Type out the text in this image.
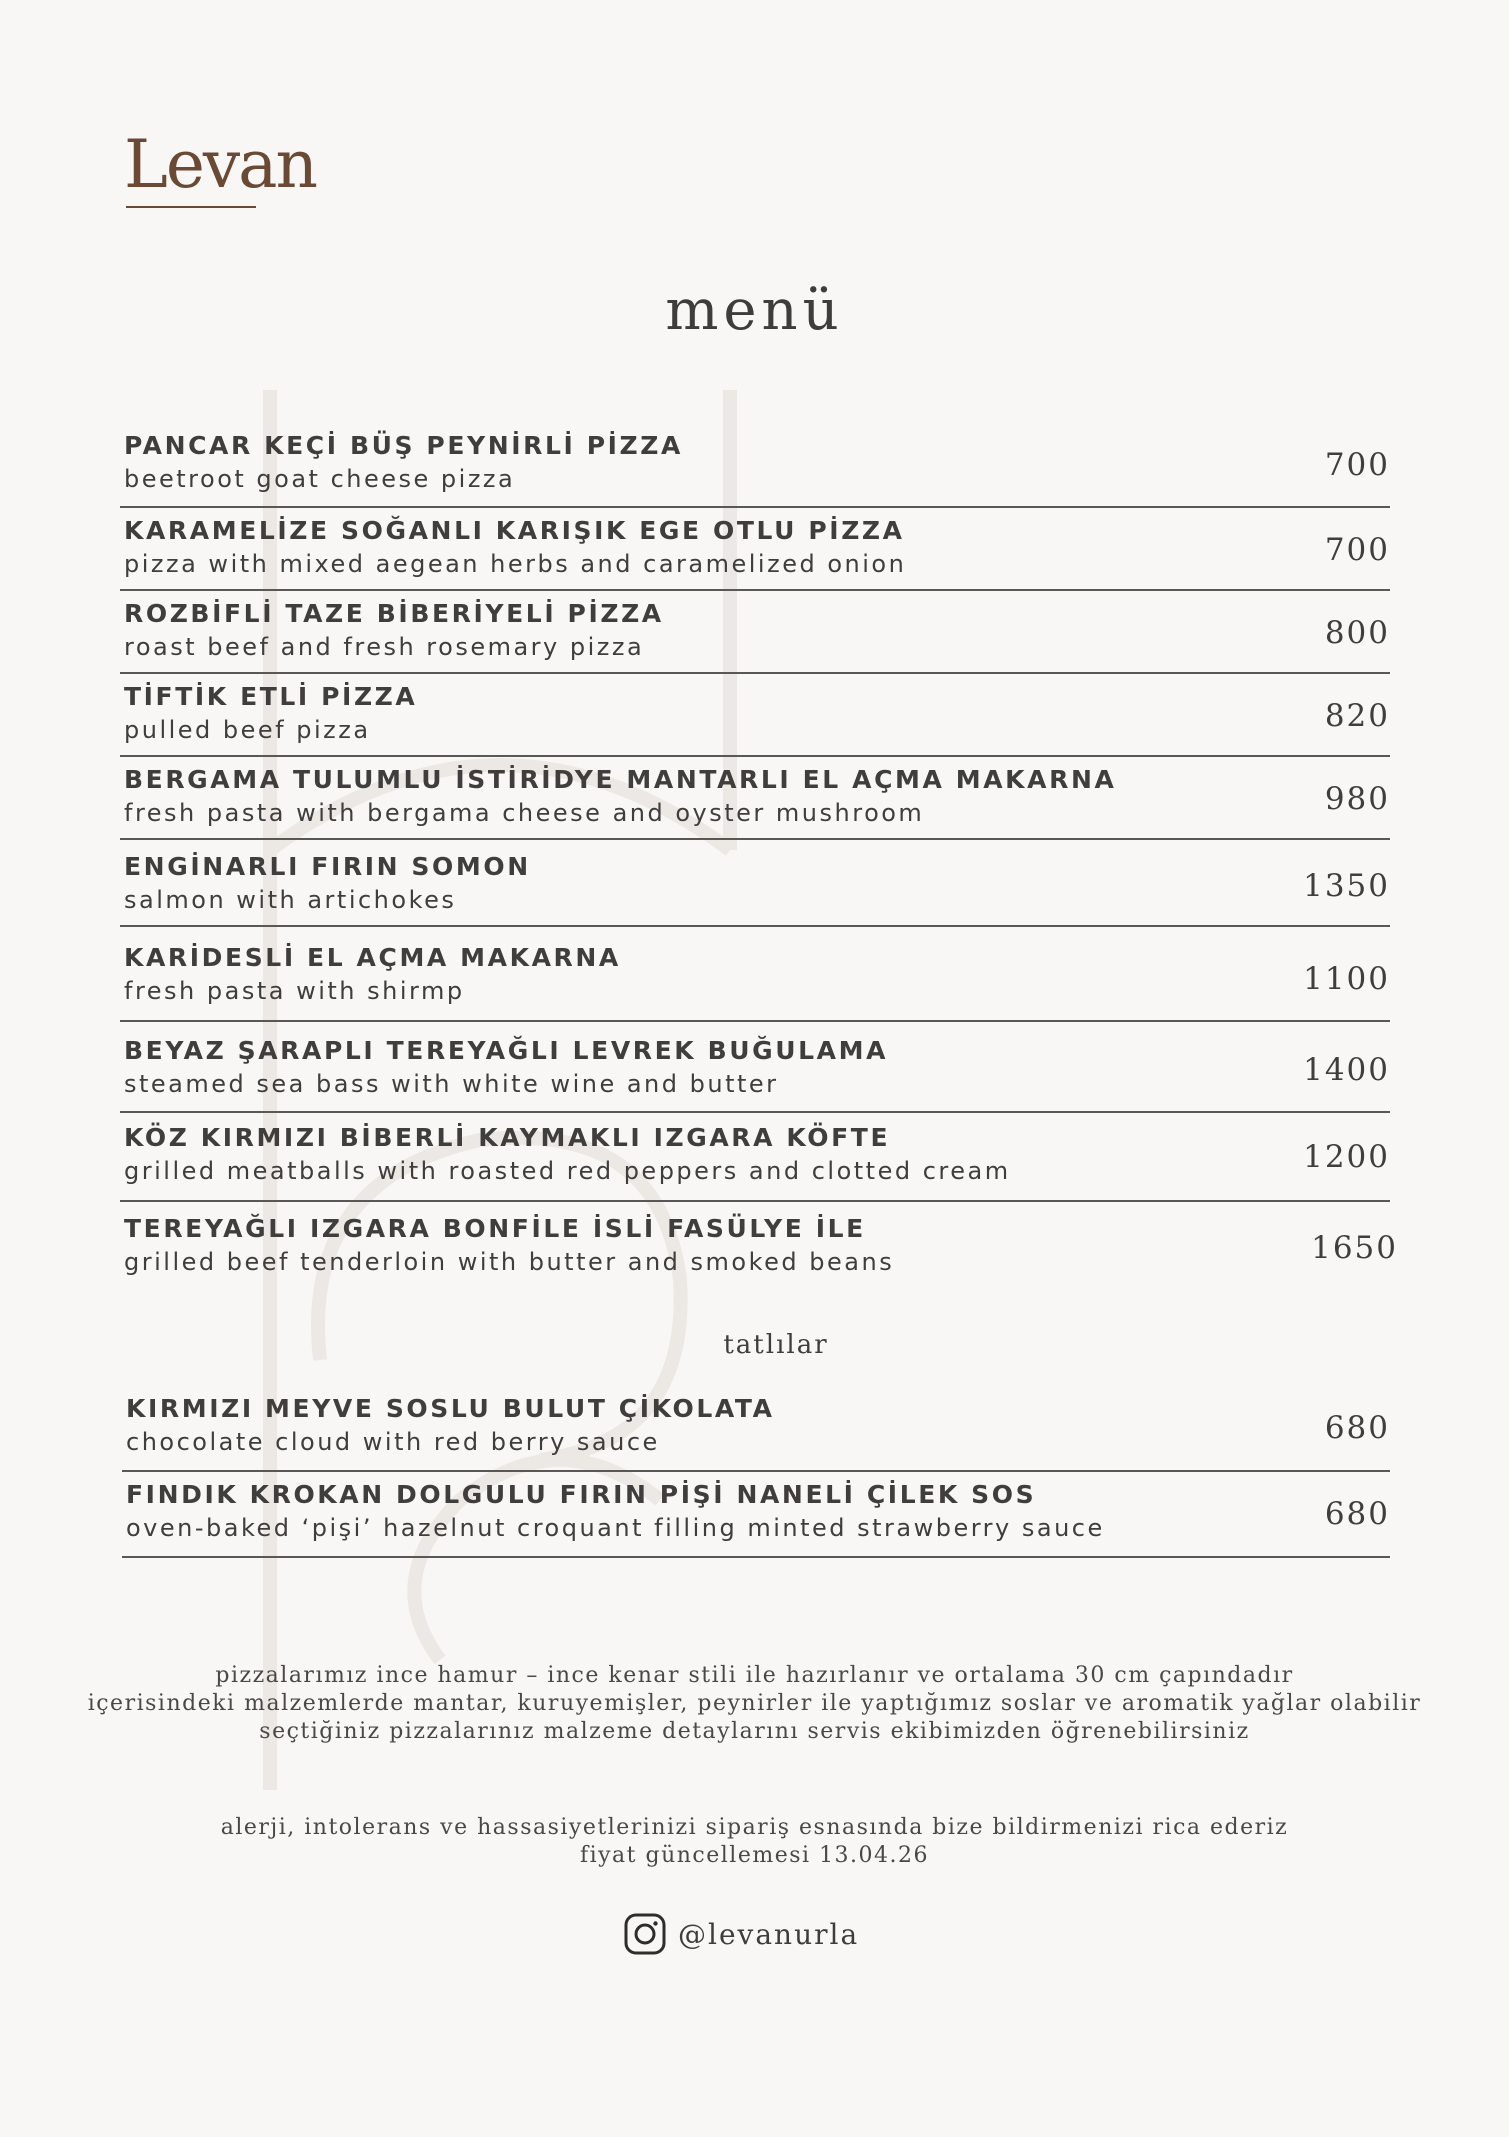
Levan
menü
PANCAR KEÇİ BÜŞ PEYNİRLİ PİZZA
beetroot goat cheese pizza	700
KARAMELİZE SOĞANLI KARIŞIK EGE OTLU PİZZA
pizza with mixed aegean herbs and caramelized onion	700
ROZBİFLİ TAZE BİBERİYELİ PİZZA
roast beef and fresh rosemary pizza	800
TİFTİK ETLİ PİZZA
pulled beef pizza	820
BERGAMA TULUMLU İSTİRİDYE MANTARLI EL AÇMA MAKARNA
fresh pasta with bergama cheese and oyster mushroom	980
ENGİNARLI FIRIN SOMON
salmon with artichokes	1350
KARİDESLİ EL AÇMA MAKARNA
fresh pasta with shirmp	1100
BEYAZ ŞARAPLI TEREYAĞLI LEVREK BUĞULAMA
steamed sea bass with white wine and butter	1400
KÖZ KIRMIZI BİBERLİ KAYMAKLI IZGARA KÖFTE
grilled meatballs with roasted red peppers and clotted cream	1200
TEREYAĞLI IZGARA BONFİLE İSLİ FASÜLYE İLE
grilled beef tenderloin with butter and smoked beans	1650
tatlılar
KIRMIZI MEYVE SOSLU BULUT ÇİKOLATA
chocolate cloud with red berry sauce	680
FINDIK KROKAN DOLGULU FIRIN PİŞİ NANELİ ÇİLEK SOS
oven-baked ‘pişi’ hazelnut croquant filling minted strawberry sauce	680
pizzalarımız ince hamur – ince kenar stili ile hazırlanır ve ortalama 30 cm çapındadır
içerisindeki malzemlerde mantar, kuruyemişler, peynirler ile yaptığımız soslar ve aromatik yağlar olabilir
seçtiğiniz pizzalarınız malzeme detaylarını servis ekibimizden öğrenebilirsiniz
alerji, intolerans ve hassasiyetlerinizi sipariş esnasında bize bildirmenizi rica ederiz
fiyat güncellemesi 13.04.26
@levanurla
